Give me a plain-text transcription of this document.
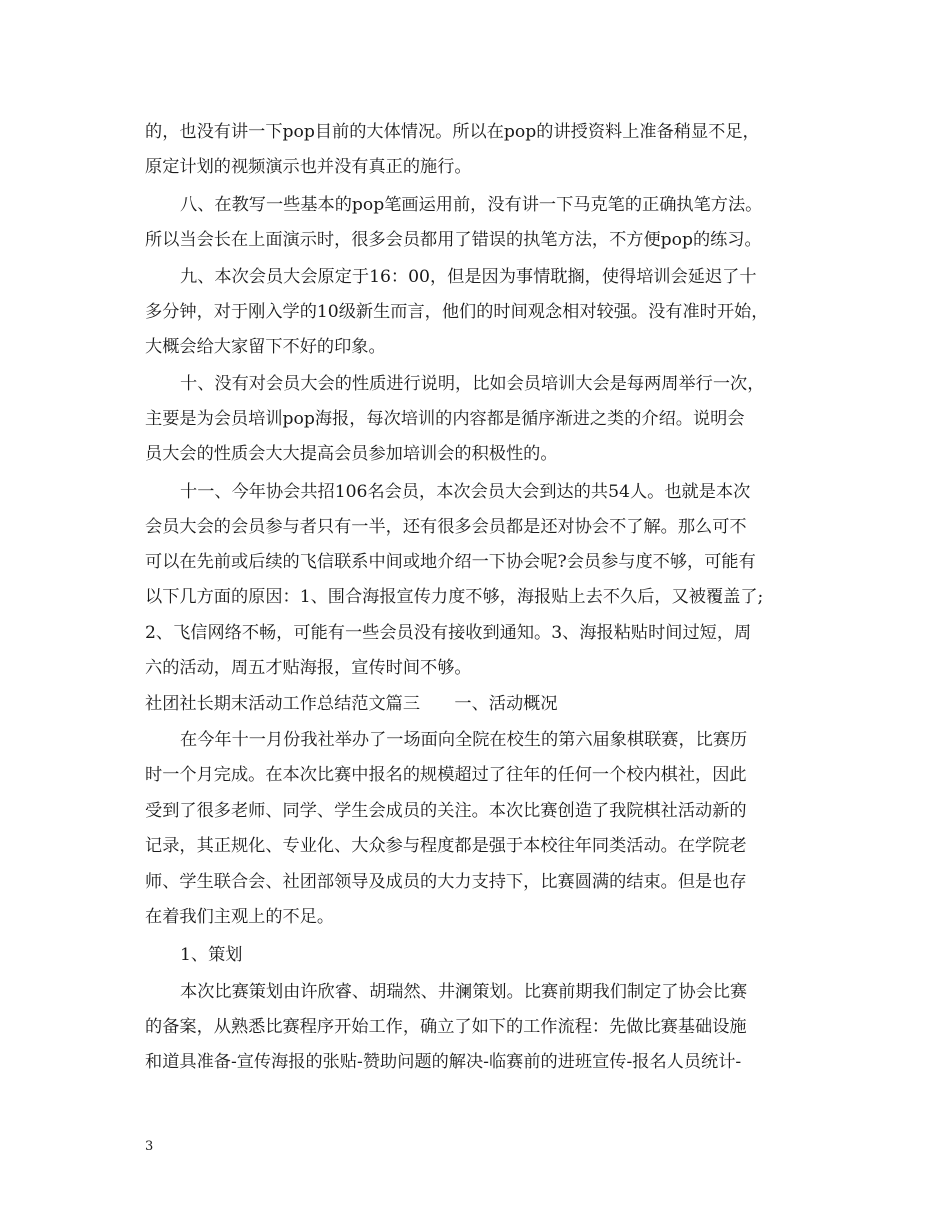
的，也没有讲一下pop目前的大体情况。所以在pop的讲授资料上准备稍显不足，
原定计划的视频演示也并没有真正的施行。
八、在教写一些基本的pop笔画运用前，没有讲一下马克笔的正确执笔方法。
所以当会长在上面演示时，很多会员都用了错误的执笔方法，不方便pop的练习。
九、本次会员大会原定于16：00，但是因为事情耽搁，使得培训会延迟了十
多分钟，对于刚入学的10级新生而言，他们的时间观念相对较强。没有准时开始，
大概会给大家留下不好的印象。
十、没有对会员大会的性质进行说明，比如会员培训大会是每两周举行一次，
主要是为会员培训pop海报，每次培训的内容都是循序渐进之类的介绍。说明会
员大会的性质会大大提高会员参加培训会的积极性的。
十一、今年协会共招106名会员，本次会员大会到达的共54人。也就是本次
会员大会的会员参与者只有一半，还有很多会员都是还对协会不了解。那么可不
可以在先前或后续的飞信联系中间或地介绍一下协会呢?会员参与度不够，可能有
以下几方面的原因：1、围合海报宣传力度不够，海报贴上去不久后，又被覆盖了;
2、飞信网络不畅，可能有一些会员没有接收到通知。3、海报粘贴时间过短，周
六的活动，周五才贴海报，宣传时间不够。
社团社长期末活动工作总结范文篇三　　一、活动概况
在今年十一月份我社举办了一场面向全院在校生的第六届象棋联赛，比赛历
时一个月完成。在本次比赛中报名的规模超过了往年的任何一个校内棋社，因此
受到了很多老师、同学、学生会成员的关注。本次比赛创造了我院棋社活动新的
记录，其正规化、专业化、大众参与程度都是强于本校往年同类活动。在学院老
师、学生联合会、社团部领导及成员的大力支持下，比赛圆满的结束。但是也存
在着我们主观上的不足。
1、策划
本次比赛策划由许欣睿、胡瑞然、井澜策划。比赛前期我们制定了协会比赛
的备案，从熟悉比赛程序开始工作，确立了如下的工作流程：先做比赛基础设施
和道具准备-宣传海报的张贴-赞助问题的解决-临赛前的进班宣传-报名人员统计-
3
